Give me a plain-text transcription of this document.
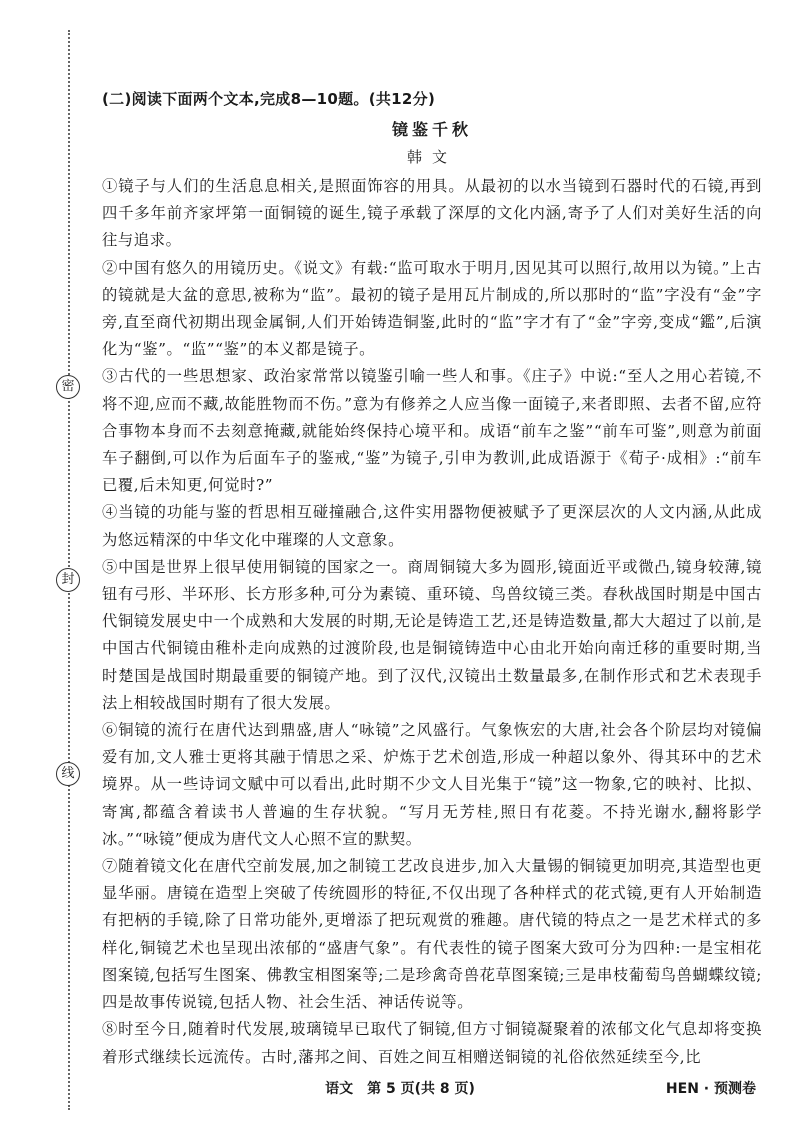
密
封
线
(二)阅读下面两个文本,完成8—10题。(共12分)
镜鉴千秋
韩文

①镜子与人们的生活息息相关,是照面饰容的用具。从最初的以水当镜到石器时代的石镜,再到四千多年前齐家坪第一面铜镜的诞生,镜子承载了深厚的文化内涵,寄予了人们对美好生活的向往与追求。

②中国有悠久的用镜历史。《说文》有载:“监可取水于明月,因见其可以照行,故用以为镜。”上古的镜就是大盆的意思,被称为“监”。最初的镜子是用瓦片制成的,所以那时的“监”字没有“金”字旁,直至商代初期出现金属铜,人们开始铸造铜鉴,此时的“监”字才有了“金”字旁,变成“鑑”,后演化为“鉴”。“监”“鉴”的本义都是镜子。

③古代的一些思想家、政治家常常以镜鉴引喻一些人和事。《庄子》中说:“至人之用心若镜,不将不迎,应而不藏,故能胜物而不伤。”意为有修养之人应当像一面镜子,来者即照、去者不留,应符合事物本身而不去刻意掩藏,就能始终保持心境平和。成语“前车之鉴”“前车可鉴”,则意为前面车子翻倒,可以作为后面车子的鉴戒,“鉴”为镜子,引申为教训,此成语源于《荀子·成相》:“前车已覆,后未知更,何觉时?”

④当镜的功能与鉴的哲思相互碰撞融合,这件实用器物便被赋予了更深层次的人文内涵,从此成为悠远精深的中华文化中璀璨的人文意象。

⑤中国是世界上很早使用铜镜的国家之一。商周铜镜大多为圆形,镜面近平或微凸,镜身较薄,镜钮有弓形、半环形、长方形多种,可分为素镜、重环镜、鸟兽纹镜三类。春秋战国时期是中国古代铜镜发展史中一个成熟和大发展的时期,无论是铸造工艺,还是铸造数量,都大大超过了以前,是中国古代铜镜由稚朴走向成熟的过渡阶段,也是铜镜铸造中心由北开始向南迁移的重要时期,当时楚国是战国时期最重要的铜镜产地。到了汉代,汉镜出土数量最多,在制作形式和艺术表现手法上相较战国时期有了很大发展。

⑥铜镜的流行在唐代达到鼎盛,唐人“咏镜”之风盛行。气象恢宏的大唐,社会各个阶层均对镜偏爱有加,文人雅士更将其融于情思之采、炉炼于艺术创造,形成一种超以象外、得其环中的艺术境界。从一些诗词文赋中可以看出,此时期不少文人目光集于“镜”这一物象,它的映衬、比拟、寄寓,都蕴含着读书人普遍的生存状貌。“写月无芳桂,照日有花菱。不持光谢水,翻将影学冰。”“咏镜”便成为唐代文人心照不宣的默契。

⑦随着镜文化在唐代空前发展,加之制镜工艺改良进步,加入大量锡的铜镜更加明亮,其造型也更显华丽。唐镜在造型上突破了传统圆形的特征,不仅出现了各种样式的花式镜,更有人开始制造有把柄的手镜,除了日常功能外,更增添了把玩观赏的雅趣。唐代镜的特点之一是艺术样式的多样化,铜镜艺术也呈现出浓郁的“盛唐气象”。有代表性的镜子图案大致可分为四种:一是宝相花图案镜,包括写生图案、佛教宝相图案等;二是珍禽奇兽花草图案镜;三是串枝葡萄鸟兽蝴蝶纹镜;四是故事传说镜,包括人物、社会生活、神话传说等。

⑧时至今日,随着时代发展,玻璃镜早已取代了铜镜,但方寸铜镜凝聚着的浓郁文化气息却将变换着形式继续长远流传。古时,藩邦之间、百姓之间互相赠送铜镜的礼俗依然延续至今,比

语文　第 5 页(共 8 页)	HEN · 预测卷
